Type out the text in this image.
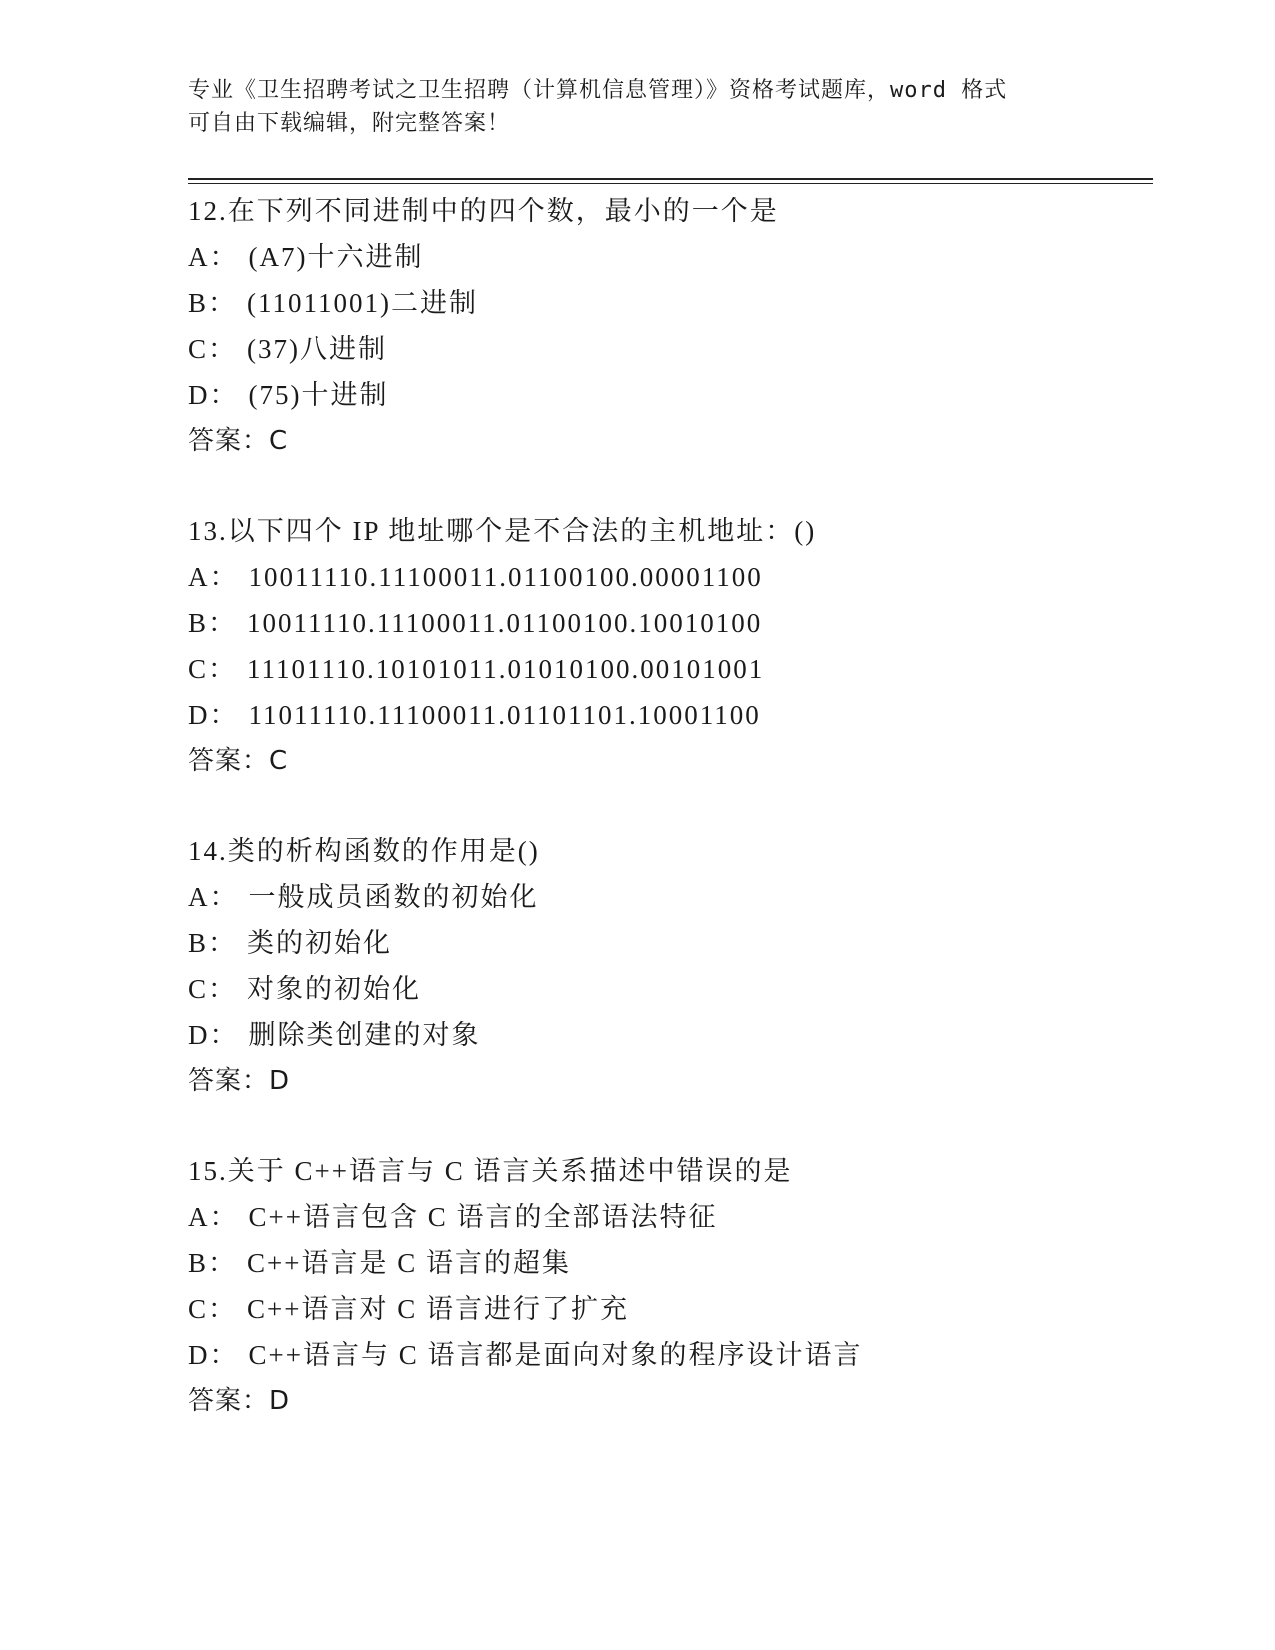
专业《卫生招聘考试之卫生招聘（计算机信息管理）》资格考试题库，word 格式
可自由下载编辑，附完整答案！
12.在下列不同进制中的四个数，最小的一个是
A： (A7)十六进制
B： (11011001)二进制
C： (37)八进制
D： (75)十进制
答案：C
13.以下四个 IP 地址哪个是不合法的主机地址：()
A： 10011110.11100011.01100100.00001100
B： 10011110.11100011.01100100.10010100
C： 11101110.10101011.01010100.00101001
D： 11011110.11100011.01101101.10001100
答案：C
14.类的析构函数的作用是()
A： 一般成员函数的初始化
B： 类的初始化
C： 对象的初始化
D： 删除类创建的对象
答案：D
15.关于 C++语言与 C 语言关系描述中错误的是
A： C++语言包含 C 语言的全部语法特征
B： C++语言是 C 语言的超集
C： C++语言对 C 语言进行了扩充
D： C++语言与 C 语言都是面向对象的程序设计语言
答案：D
